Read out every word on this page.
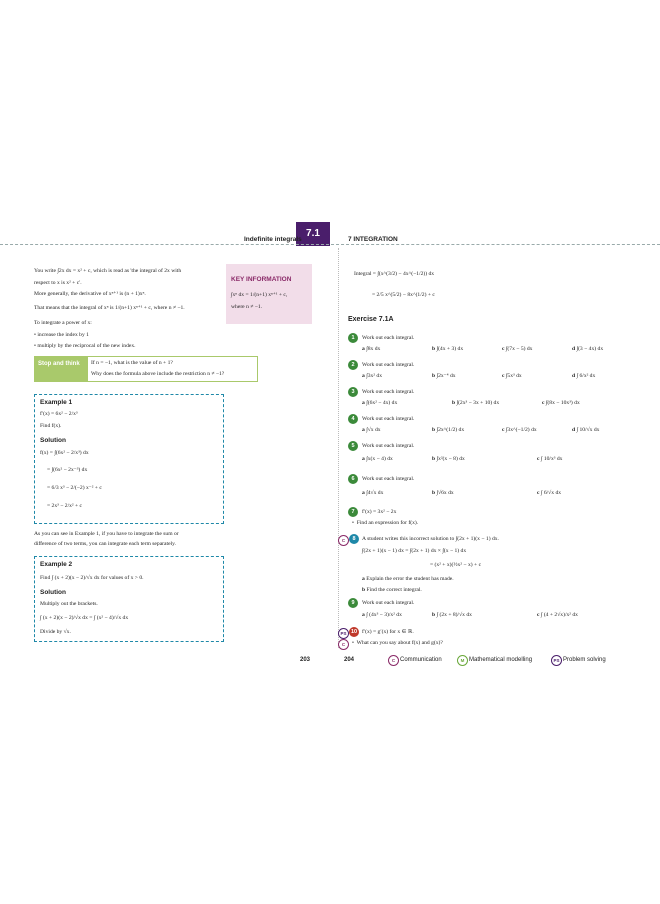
7.1
Indefinite integrals	7 INTEGRATION
You write ∫2x dx = x² + c, which is read as 'the integral of 2x with
respect to x is x² + c'.
More generally, the derivative of xⁿ⁺¹ is (n + 1)xⁿ.
That means that the integral of xⁿ is 1/(n+1) xⁿ⁺¹ + c, where n ≠ −1.
To integrate a power of x:
• increase the index by 1
• multiply by the reciprocal of the new index.
KEY INFORMATION
∫xⁿ dx = 1/(n+1) xⁿ⁺¹ + c,
where n ≠ −1.
Stop and think	If n = −1, what is the value of n + 1?
Why does the formula above include the restriction n ≠ −1?
Example 1
f′(x) = 6x² − 2/x³
Find f(x).
Solution
f(x) = ∫(6x² − 2/x³) dx
= ∫(6x² − 2x⁻³) dx
= 6/3 x³ − 2/(−2) x⁻² + c
= 2x³ − 2/x² + c
As you can see in Example 1, if you have to integrate the sum or
difference of two terms, you can integrate each term separately.
Example 2
Find ∫ (x + 2)(x − 2)/√x dx for values of x > 0.
Solution
Multiply out the brackets.
∫ (x + 2)(x − 2)/√x dx = ∫ (x² − 4)/√x dx
Divide by √x.
203
Integral = ∫(x^(3/2) − 4x^(−1/2)) dx
= 2/5 x^(5/2) − 8x^(1/2) + c
Exercise 7.1A
1	Work out each integral.
a ∫8x dx	b ∫(4x + 3) dx	c ∫(7x − 5) dx	d ∫(3 − 4x) dx
2	Work out each integral.
a ∫3x² dx	b ∫2x⁻⁴ dx	c ∫5x³ dx	d ∫ 6/x² dx
3	Work out each integral.
a ∫(6x² − 4x) dx	b ∫(2x³ − 3x + 10) dx	c ∫(8x − 10x³) dx
4	Work out each integral.
a ∫√x dx	b ∫2x^(1/2) dx	c ∫3x^(−1/2) dx	d ∫ 10/√x dx
5	Work out each integral.
a ∫x(x − 4) dx	b ∫x²(x − 8) dx	c ∫ 10/x³ dx
6	Work out each integral.
a ∫4√x dx	b ∫√6x dx	c ∫ 6/√x dx
7	f′(x) = 3x² − 2x
• Find an expression for f(x).
C	8	A student writes this incorrect solution to ∫(2x + 1)(x − 1) dx.
∫(2x + 1)(x − 1) dx = ∫(2x + 1) dx × ∫(x − 1) dx
= (x² + x)(½x² − x) + c
a Explain the error the student has made.
b Find the correct integral.
9	Work out each integral.
a ∫ (4x³ − 3)/x² dx	b ∫ (2x + 8)/√x dx	c ∫ (4 + 2√x)/x² dx
PS 10 f′(x) = g′(x) for x ∈ ℝ.
C	• What can you say about f(x) and g(x)?
204	C Communication	M Mathematical modelling	PS Problem solving
